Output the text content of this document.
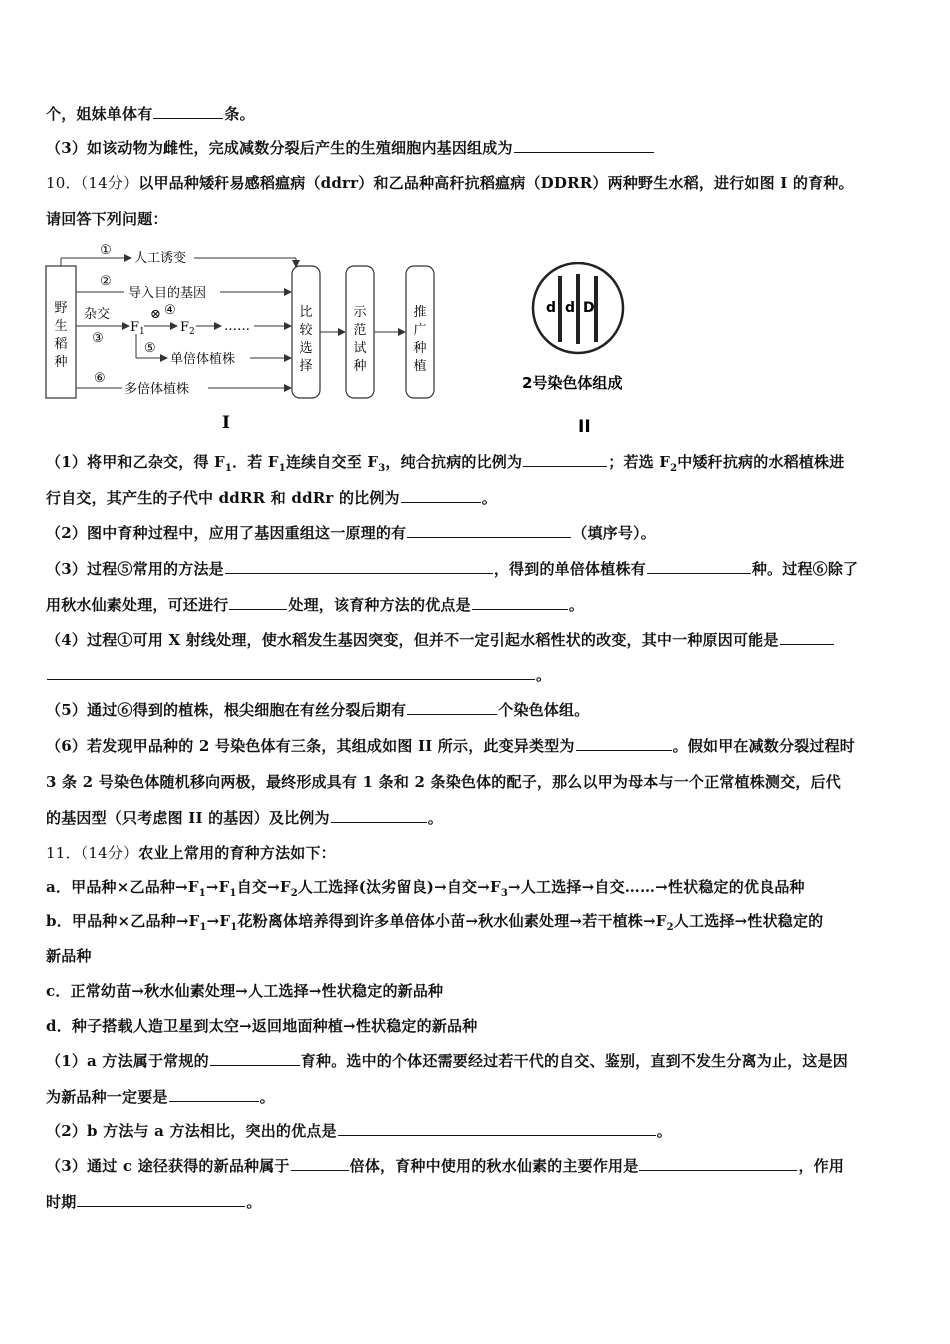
个，姐妹单体有	条。
（3）如该动物为雌性，完成减数分裂后产生的生殖细胞内基因组成为
10．（14分）以甲品种矮秆易感稻瘟病（ddrr）和乙品种高秆抗稻瘟病（DDRR）两种野生水稻，进行如图 I 的育种。
请回答下列问题：
野
生
稻
种
①
人工诱变
②
导入目的基因
杂交
③
$F_1$
⊗ ④
$F_2$ ……
⑤
单倍体植株
⑥
多倍体植株
比
较
选
择
示
范
试
种
推
广
种
植
I
d d D
2号染色体组成
II
（1）将甲和乙杂交，得 $F_1$．若 $F_1$连续自交至 $F_3$，纯合抗病的比例为	；若选 $F_2$中矮秆抗病的水稻植株进
行自交，其产生的子代中 ddRR 和 ddRr 的比例为	。
（2）图中育种过程中，应用了基因重组这一原理的有	（填序号）。
（3）过程⑤常用的方法是	，得到的单倍体植株有	种。过程⑥除了
用秋水仙素处理，可还进行	处理，该育种方法的优点是	。
（4）过程①可用 X 射线处理，使水稻发生基因突变，但并不一定引起水稻性状的改变，其中一种原因可能是
。
（5）通过⑥得到的植株，根尖细胞在有丝分裂后期有	个染色体组。
（6）若发现甲品种的 2 号染色体有三条，其组成如图 II 所示，此变异类型为	。假如甲在减数分裂过程时
3 条 2 号染色体随机移向两极，最终形成具有 1 条和 2 条染色体的配子，那么以甲为母本与一个正常植株测交，后代
的基因型（只考虑图 II 的基因）及比例为	。
11．（14分）农业上常用的育种方法如下：
a．甲品种×乙品种$\to F_1\to F_1$自交$\to F_2$人工选择(汰劣留良)→自交$\to F_3\to$人工选择→自交……→性状稳定的优良品种
b．甲品种×乙品种$\to F_1\to F_1$花粉离体培养得到许多单倍体小苗→秋水仙素处理→若干植株$\to F_2$人工选择→性状稳定的
新品种
c．正常幼苗→秋水仙素处理→人工选择→性状稳定的新品种
d．种子搭载人造卫星到太空→返回地面种植→性状稳定的新品种
（1）a 方法属于常规的	育种。选中的个体还需要经过若干代的自交、鉴别，直到不发生分离为止，这是因
为新品种一定要是	。
（2）b 方法与 a 方法相比，突出的优点是	。
（3）通过 c 途径获得的新品种属于	倍体，育种中使用的秋水仙素的主要作用是	，作用
时期	。
